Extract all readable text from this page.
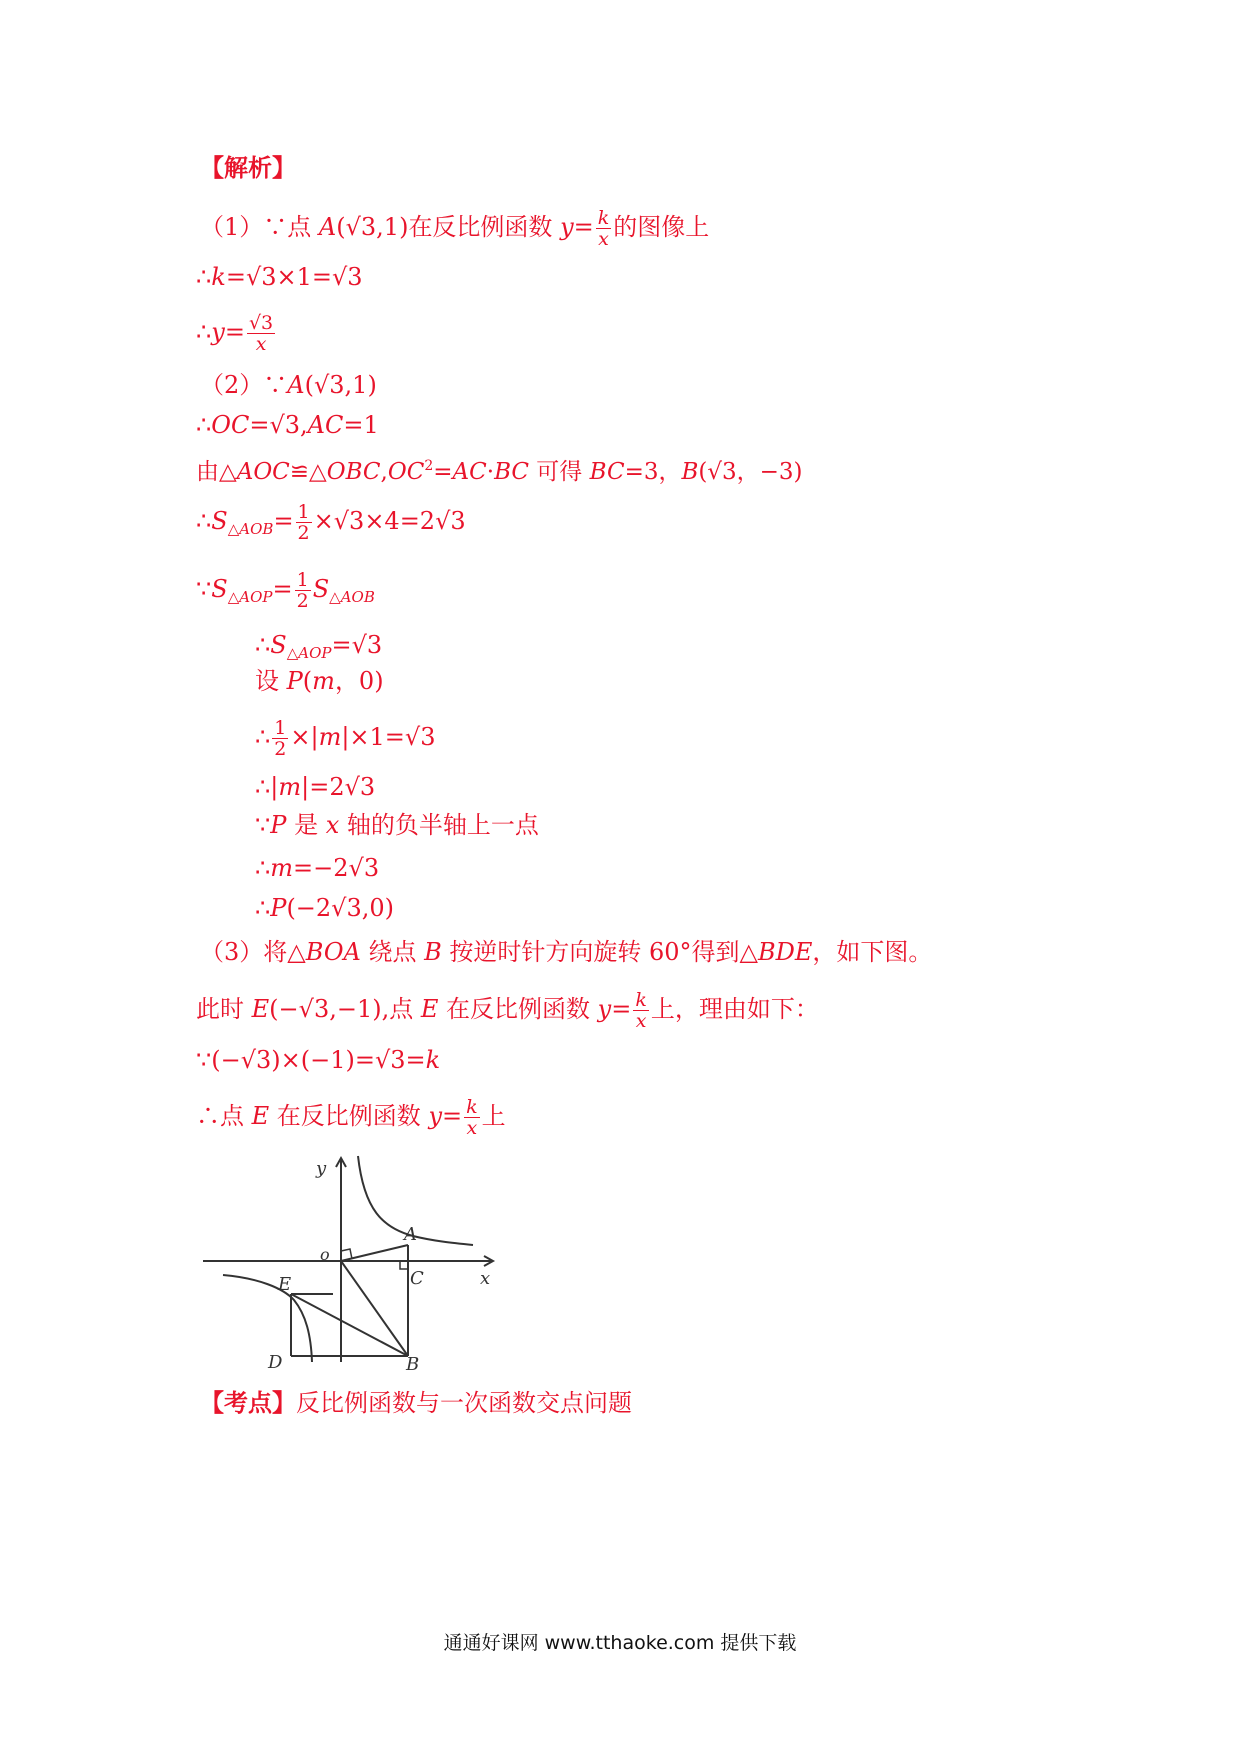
【解析】
（1）∵点 A(√3,1)在反比例函数 $y= \frac{k}{x}$ 的图像上
∴k=√3×1=√3
∴y= $\frac{√3}{x}$
（2）∵A(√3,1)
∴OC=√3,AC=1
由$\triangle AOC≌\triangle OBC,OC^2=AC\cdot BC$ 可得 BC=3，B(√3，−3)
$\therefore S_{\triangle AOB}= \frac{1}{2} \times√3\times 4=2√3$
$\because S_{\triangle AOP}= \frac{1}{2} S_{\triangle AOB}$
$\therefore S_{\triangle AOP}=√3$
设 P(m，0)
∴ $\frac{1}{2} \times|m|\times 1=√3$
∴|m|=2√3
∵P 是 x 轴的负半轴上一点
∴m=−2√3
∴P(−2√3,0)
（3）将△BOA 绕点 B 按逆时针方向旋转 60°得到△BDE，如下图。
此时 E(−√3,−1),点 E 在反比例函数 $y= \frac{k}{x}$ 上，理由如下：
∵(−√3)×(−1)=√3=k
∴点 E 在反比例函数 $y= \frac{k}{x}$ 上
y
x
o
A
C
E
D	B
【考点】反比例函数与一次函数交点问题
通通好课网 www.tthaoke.com 提供下载
